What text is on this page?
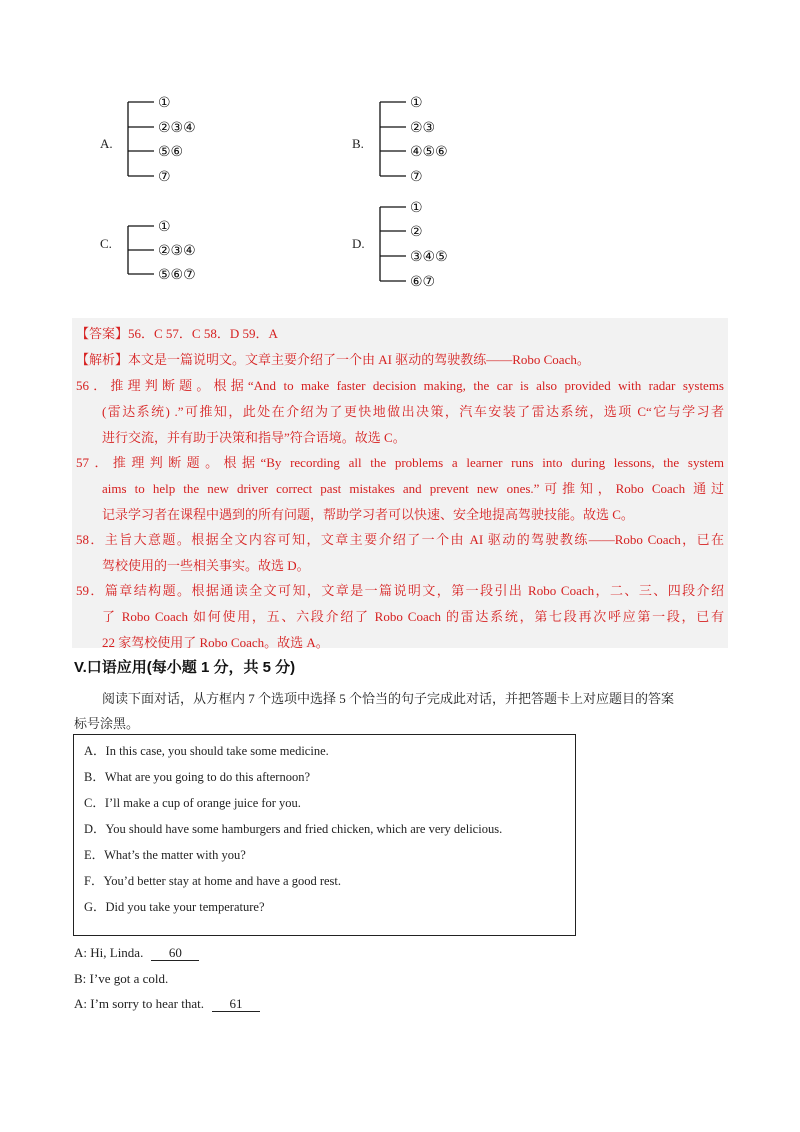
A.
①
②③④
⑤⑥
⑦
B.
①
②③
④⑤⑥
⑦
C.
①
②③④
⑤⑥⑦
D.
①
②
③④⑤
⑥⑦
【答案】56．C 57．C 58．D 59．A
【解析】本文是一篇说明文。文章主要介绍了一个由 AI 驱动的驾驶教练——Robo Coach。
56．推理判断题。根据“And to make faster decision making, the car is also provided with radar systems
(雷达系统) .”可推知，此处在介绍为了更快地做出决策，汽车安装了雷达系统，选项 C“它与学习者
进行交流，并有助于决策和指导”符合语境。故选 C。
57．推理判断题。根据“By recording all the problems a learner runs into during lessons, the system
aims to help the new driver correct past mistakes and prevent new ones.”可推知，Robo Coach 通过
记录学习者在课程中遇到的所有问题，帮助学习者可以快速、安全地提高驾驶技能。故选 C。
58．主旨大意题。根据全文内容可知，文章主要介绍了一个由 AI 驱动的驾驶教练——Robo Coach，已在
驾校使用的一些相关事实。故选 D。
59．篇章结构题。根据通读全文可知，文章是一篇说明文，第一段引出 Robo Coach，二、三、四段介绍
了 Robo Coach 如何使用，五、六段介绍了 Robo Coach 的雷达系统，第七段再次呼应第一段，已有
22 家驾校使用了 Robo Coach。故选 A。
V.口语应用(每小题 1 分，共 5 分)
阅读下面对话，从方框内 7 个选项中选择 5 个恰当的句子完成此对话，并把答题卡上对应题目的答案
标号涂黑。
A．In this case, you should take some medicine.
B．What are you going to do this afternoon?
C．I’ll make a cup of orange juice for you.
D．You should have some hamburgers and fried chicken, which are very delicious.
E．What’s the matter with you?
F．You’d better stay at home and have a good rest.
G．Did you take your temperature?
A: Hi, Linda. 60
B: I’ve got a cold.
A: I’m sorry to hear that. 61
